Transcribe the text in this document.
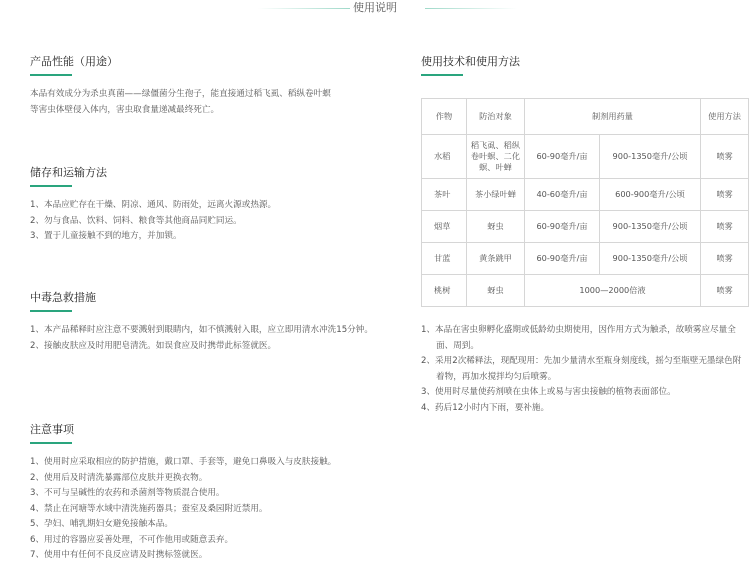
使用说明
产品性能（用途）
本品有效成分为杀虫真菌——绿僵菌分生孢子，能直接通过稻飞虱、稻纵卷叶螟
等害虫体壁侵入体内，害虫取食量递减最终死亡。
储存和运输方法
1、本品应贮存在干燥、阴凉、通风、防雨处，远离火源或热源。
2、勿与食品、饮料、饲料、粮食等其他商品同贮同运。
3、置于儿童接触不到的地方，并加锁。
中毒急救措施
1、本产品稀释时应注意不要溅射到眼睛内，如不慎溅射入眼，应立即用清水冲洗15分钟。
2、接触皮肤应及时用肥皂清洗。如误食应及时携带此标签就医。
注意事项
1、使用时应采取相应的防护措施，戴口罩、手套等，避免口鼻吸入与皮肤接触。
2、使用后及时清洗暴露部位皮肤并更换衣物。
3、不可与呈碱性的农药和杀菌剂等物质混合使用。
4、禁止在河塘等水域中清洗施药器具；蚕室及桑园附近禁用。
5、孕妇、哺乳期妇女避免接触本品。
6、用过的容器应妥善处理，不可作他用或随意丢弃。
7、使用中有任何不良反应请及时携标签就医。
使用技术和使用方法
作物	防治对象	制剂用药量		使用方法
水稻	稻飞虱、稻纵卷叶螟、二化螟、叶蝉	60-90毫升/亩	900-1350毫升/公顷	喷雾
茶叶	茶小绿叶蝉	40-60毫升/亩	600-900毫升/公顷	喷雾
烟草	蚜虫	60-90毫升/亩	900-1350毫升/公顷	喷雾
甘蓝	黄条跳甲	60-90毫升/亩	900-1350毫升/公顷	喷雾
桃树	蚜虫	1000—2000倍液		喷雾
1、本品在害虫卵孵化盛期或低龄幼虫期使用，因作用方式为触杀，故喷雾应尽量全面、周到。
2、采用2次稀释法，现配现用：先加少量清水至瓶身刻度线，摇匀至瓶壁无墨绿色附着物，再加水搅拌均匀后喷雾。
3、使用时尽量使药剂喷在虫体上或易与害虫接触的植物表面部位。
4、药后12小时内下雨，要补施。
